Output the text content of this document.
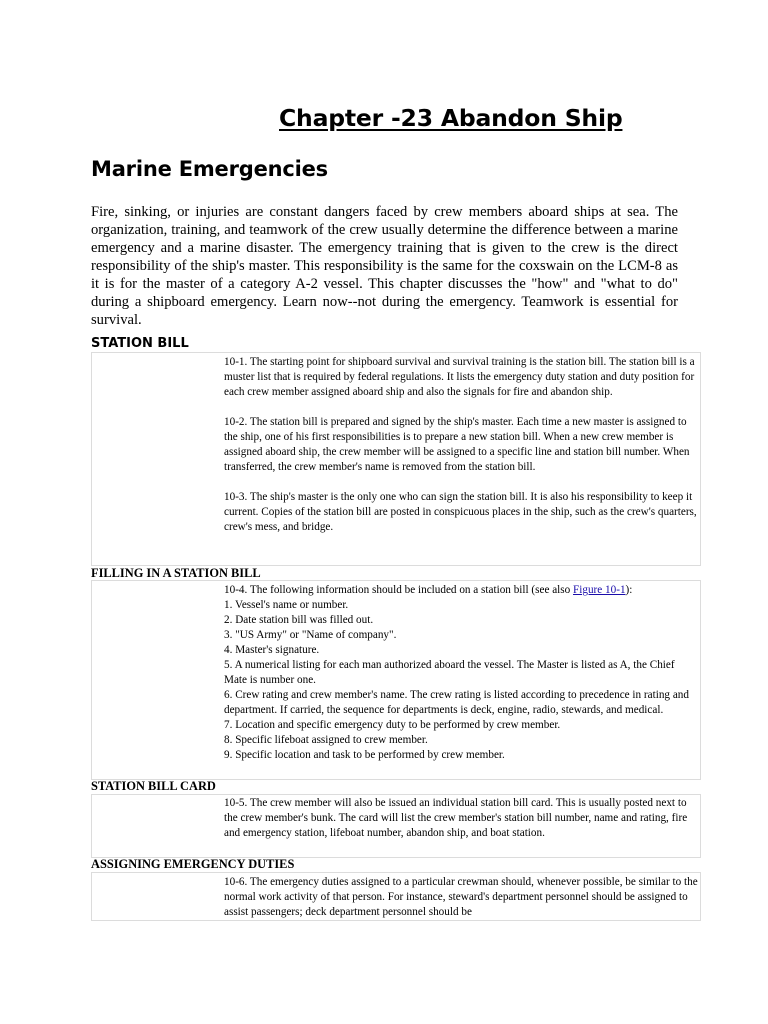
Chapter -23 Abandon Ship
Marine Emergencies

Fire, sinking, or injuries are constant dangers faced by crew members aboard ships at sea. The organization, training, and teamwork of the crew usually determine the difference between a marine emergency and a marine disaster. The emergency training that is given to the crew is the direct responsibility of the ship's master. This responsibility is the same for the coxswain on the LCM-8 as it is for the master of a category A-2 vessel. This chapter discusses the "how" and "what to do" during a shipboard emergency. Learn now--not during the emergency. Teamwork is essential for survival.

STATION BILL

10-1. The starting point for shipboard survival and survival training is the station bill. The station bill is a muster list that is required by federal regulations. It lists the emergency duty station and duty position for each crew member assigned aboard ship and also the signals for fire and abandon ship.

10-2. The station bill is prepared and signed by the ship's master. Each time a new master is assigned to the ship, one of his first responsibilities is to prepare a new station bill. When a new crew member is assigned aboard ship, the crew member will be assigned to a specific line and station bill number. When transferred, the crew member's name is removed from the station bill.

10-3. The ship's master is the only one who can sign the station bill. It is also his responsibility to keep it current. Copies of the station bill are posted in conspicuous places in the ship, such as the crew's quarters, crew's mess, and bridge.

FILLING IN A STATION BILL
10-4. The following information should be included on a station bill (see also Figure 10-1):
1. Vessel's name or number.
2. Date station bill was filled out.
3. "US Army" or "Name of company".
4. Master's signature.
5. A numerical listing for each man authorized aboard the vessel. The Master is listed as A, the Chief Mate is number one.
6. Crew rating and crew member's name. The crew rating is listed according to precedence in rating and department. If carried, the sequence for departments is deck, engine, radio, stewards, and medical.
7. Location and specific emergency duty to be performed by crew member.
8. Specific lifeboat assigned to crew member.
9. Specific location and task to be performed by crew member.
STATION BILL CARD

10-5. The crew member will also be issued an individual station bill card. This is usually posted next to the crew member's bunk. The card will list the crew member's station bill number, name and rating, fire and emergency station, lifeboat number, abandon ship, and boat station.

ASSIGNING EMERGENCY DUTIES

10-6. The emergency duties assigned to a particular crewman should, whenever possible, be similar to the normal work activity of that person. For instance, steward's department personnel should be assigned to assist passengers; deck department personnel should be
